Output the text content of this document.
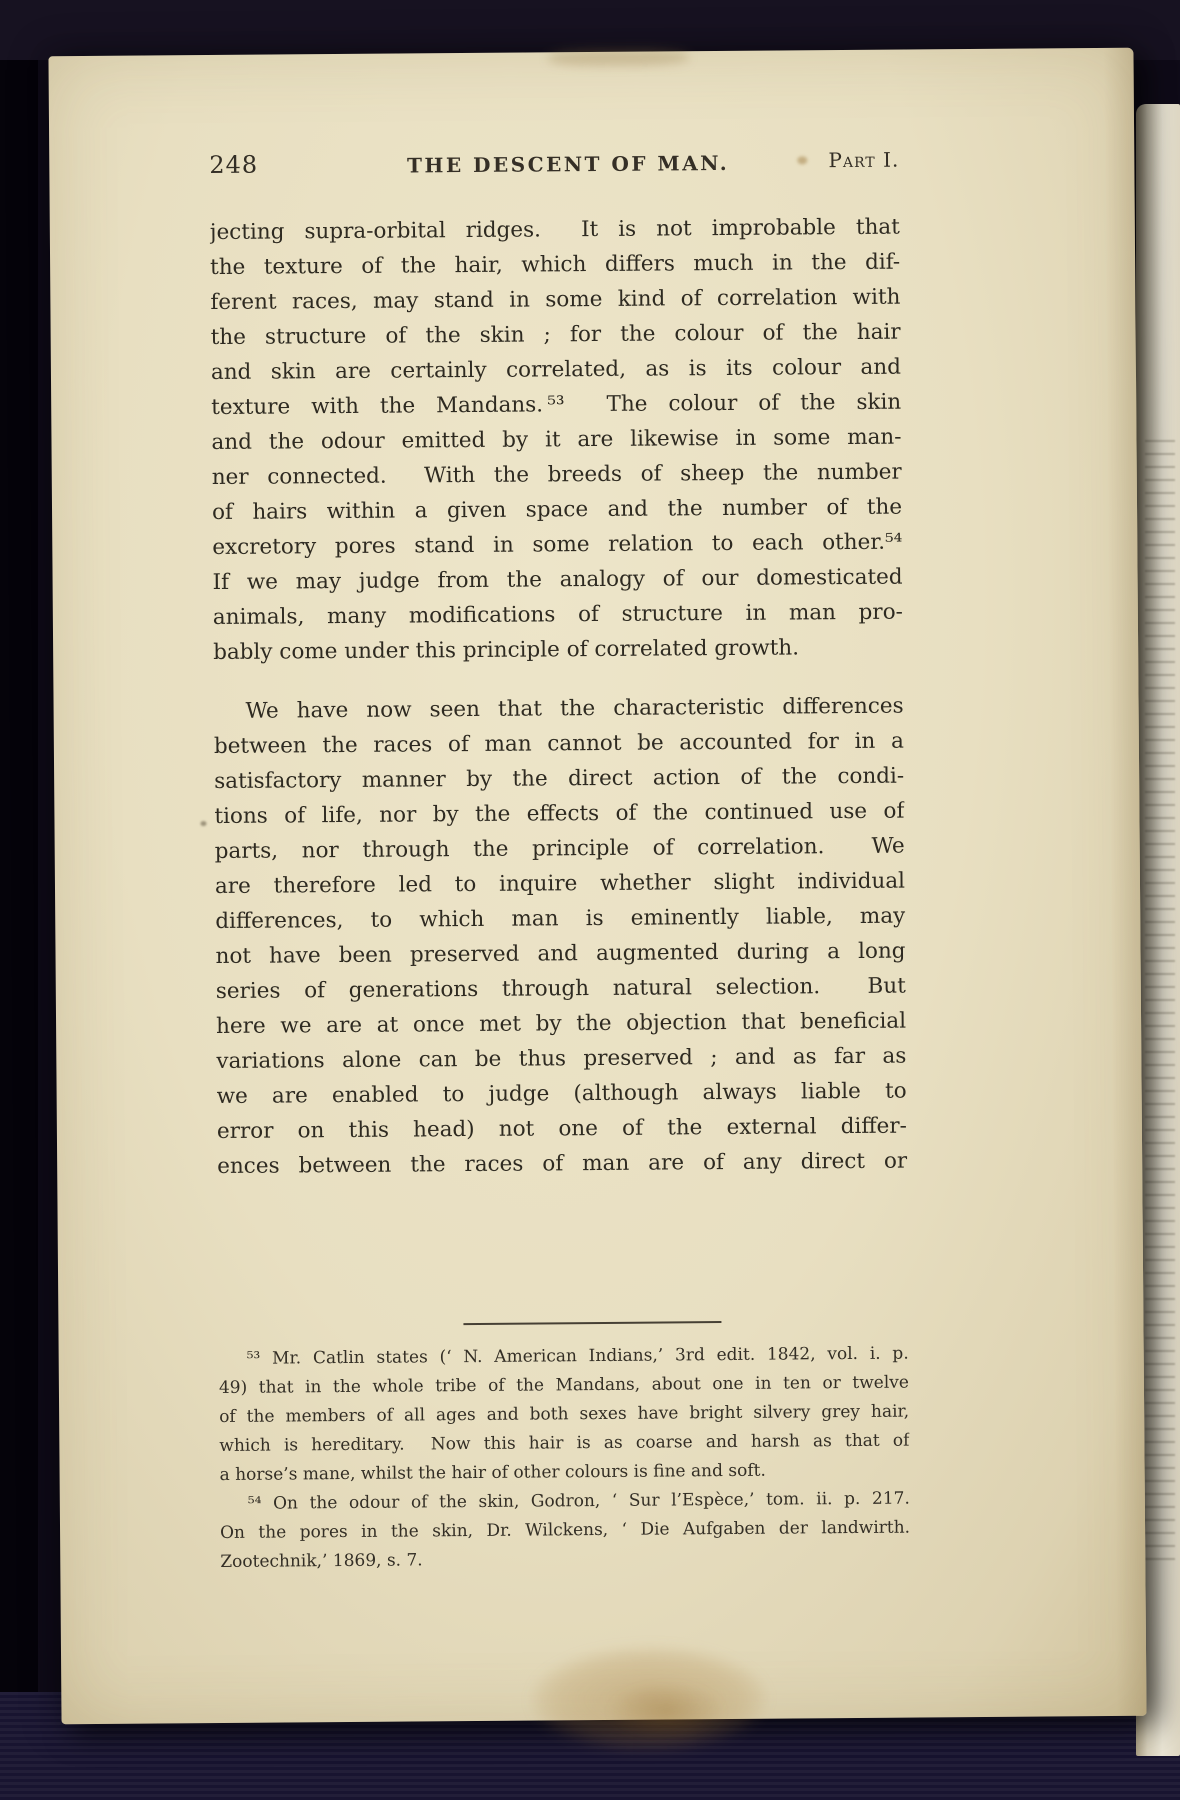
248	THE DESCENT OF MAN.	Part I.
jecting supra-orbital ridges.  It is not improbable that
the texture of the hair, which differs much in the dif-
ferent races, may stand in some kind of correlation with
the structure of the skin ; for the colour of the hair
and skin are certainly correlated, as is its colour and
texture with the Mandans. ⁵³  The colour of the skin
and the odour emitted by it are likewise in some man-
ner connected.  With the breeds of sheep the number
of hairs within a given space and the number of the
excretory pores stand in some relation to each other.⁵⁴
If we may judge from the analogy of our domesticated
animals, many modifications of structure in man pro-
bably come under this principle of correlated growth.
We have now seen that the characteristic differences
between the races of man cannot be accounted for in a
satisfactory manner by the direct action of the condi-
tions of life, nor by the effects of the continued use of
parts, nor through the principle of correlation.  We
are therefore led to inquire whether slight individual
differences, to which man is eminently liable, may
not have been preserved and augmented during a long
series of generations through natural selection.  But
here we are at once met by the objection that beneficial
variations alone can be thus preserved ; and as far as
we are enabled to judge (although always liable to
error on this head) not one of the external differ-
ences between the races of man are of any direct or
⁵³ Mr. Catlin states (‘ N. American Indians,’ 3rd edit. 1842, vol. i. p.
49) that in the whole tribe of the Mandans, about one in ten or twelve
of the members of all ages and both sexes have bright silvery grey hair,
which is hereditary.  Now this hair is as coarse and harsh as that of
a horse’s mane, whilst the hair of other colours is fine and soft.
⁵⁴ On the odour of the skin, Godron, ‘ Sur l’Espèce,’ tom. ii. p. 217.
On the pores in the skin, Dr. Wilckens, ‘ Die Aufgaben der landwirth.
Zootechnik,’ 1869, s. 7.
